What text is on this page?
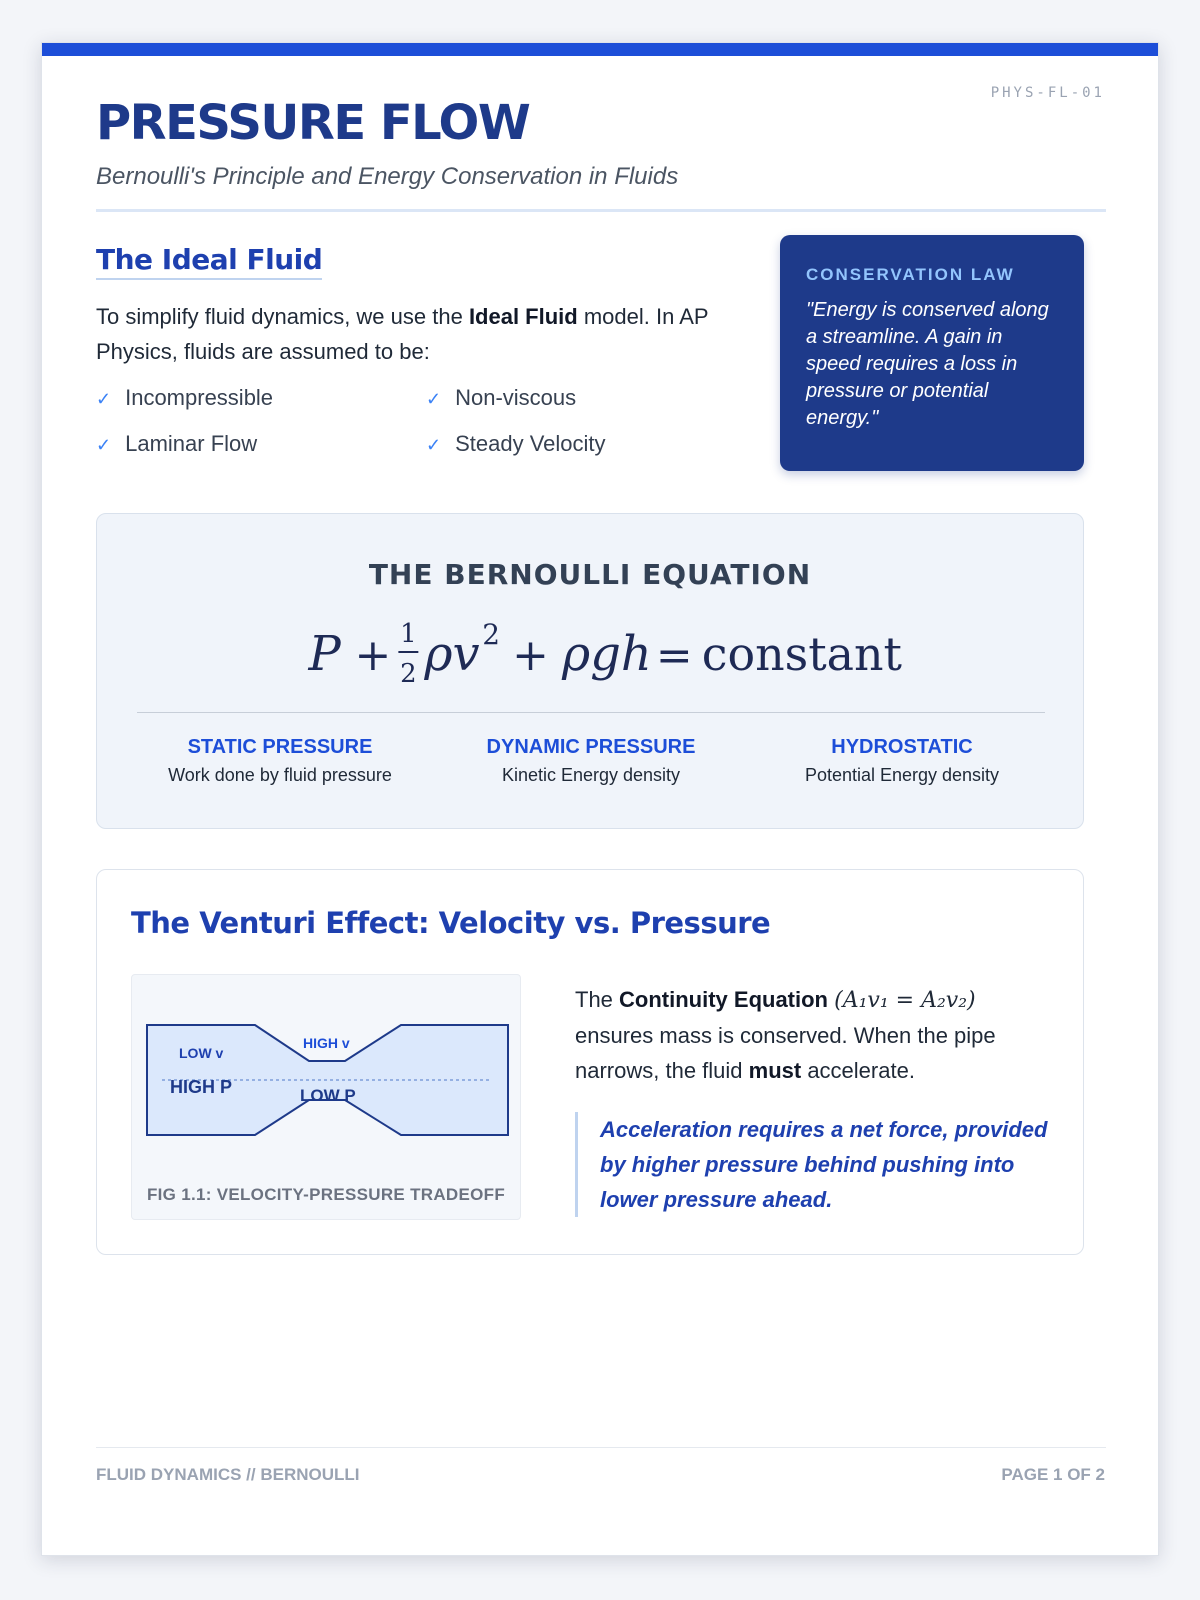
PHYS-FL-01
PRESSURE FLOW
Bernoulli's Principle and Energy Conservation in Fluids
The Ideal Fluid
To simplify fluid dynamics, we use the Ideal Fluid model. In AP Physics, fluids are assumed to be:
✓ Incompressible	✓ Non-viscous
✓ Laminar Flow	✓ Steady Velocity
CONSERVATION LAW
"Energy is conserved along a streamline. A gain in speed requires a loss in pressure or potential energy."
THE BERNOULLI EQUATION
P + 1
2 ρv 2 + ρgh = constant
STATIC PRESSURE
Work done by fluid pressure
DYNAMIC PRESSURE
Kinetic Energy density
HYDROSTATIC
Potential Energy density
The Venturi Effect: Velocity vs. Pressure
LOW v
HIGH P
HIGH v
LOW P
FIG 1.1: VELOCITY-PRESSURE TRADEOFF
The Continuity Equation (A₁v₁ = A₂v₂) ensures mass is conserved. When the pipe narrows, the fluid must accelerate.
Acceleration requires a net force, provided by higher pressure behind pushing into lower pressure ahead.
FLUID DYNAMICS // BERNOULLI	PAGE 1 OF 2
